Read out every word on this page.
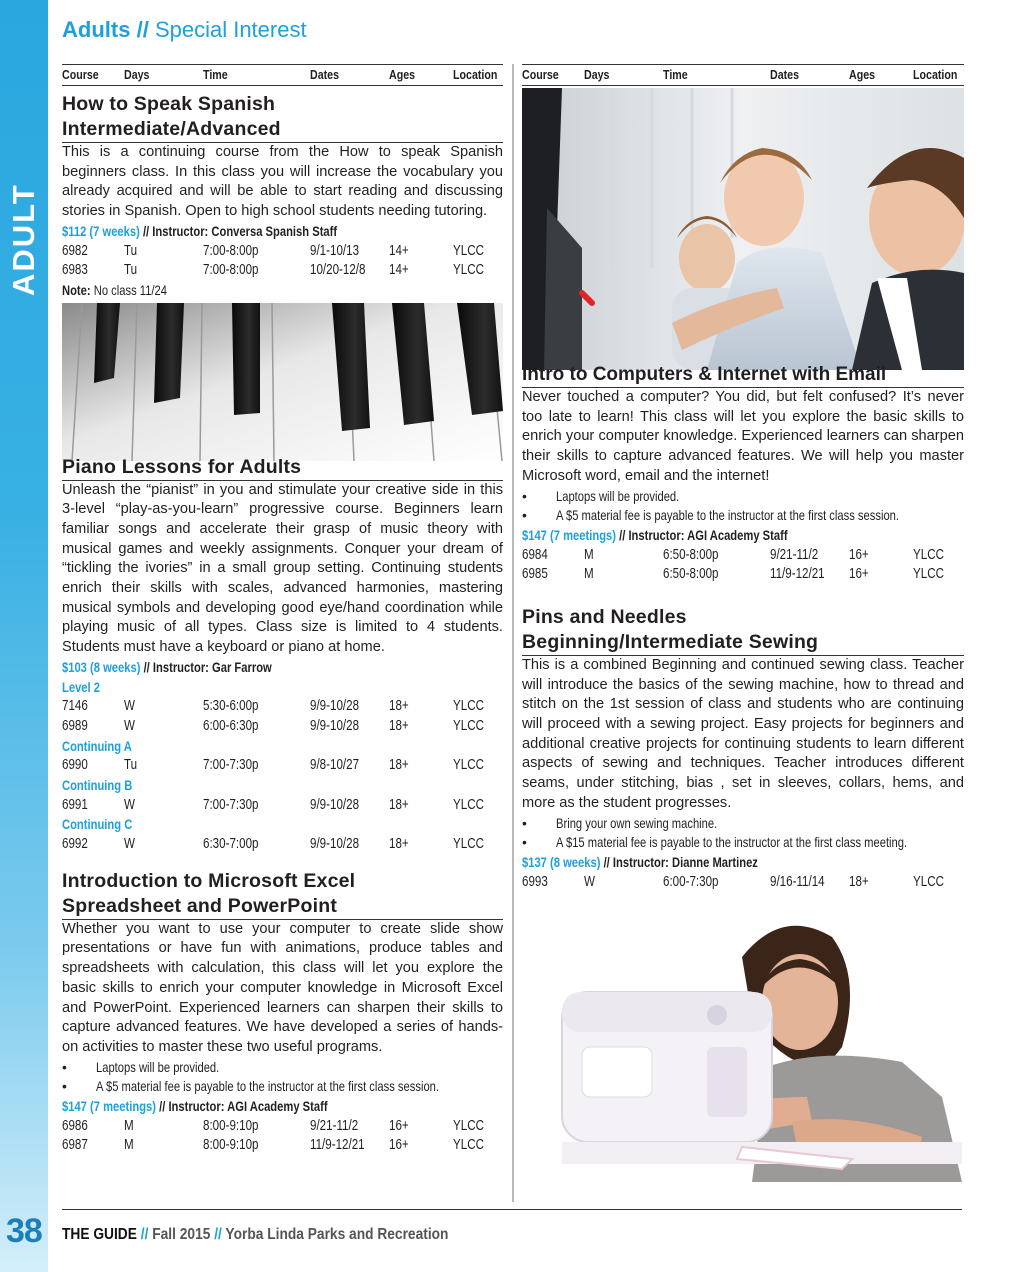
ADULT
38
Adults // Special Interest
Course Days	Time	Dates	Ages	Location
How to Speak Spanish
Intermediate/Advanced

This is a continuing course from the How to speak Spanish beginners class. In this class you will increase the vocabulary you already acquired and will be able to start reading and discussing stories in Spanish. Open to high school students needing tutoring.

$112 (7 weeks) // Instructor: Conversa Spanish Staff
6982 Tu	7:00-8:00p	9/1-10/13 14+	YLCC
6983 Tu	7:00-8:00p	10/20-12/8 14+	YLCC
Note: No class 11/24
Piano Lessons for Adults

Unleash the “pianist” in you and stimulate your creative side in this 3-level “play-as-you-learn” progressive course. Beginners learn familiar songs and accelerate their grasp of music theory with musical games and weekly assignments. Conquer your dream of “tickling the ivories” in a small group setting. Continuing students enrich their skills with scales, advanced harmonies, mastering musical symbols and developing good eye/hand coordination while playing music of all types. Class size is limited to 4 students. Students must have a keyboard or piano at home.

$103 (8 weeks) // Instructor: Gar Farrow
Level 2
7146 W	5:30-6:00p	9/9-10/28 18+	YLCC
6989 W	6:00-6:30p	9/9-10/28 18+	YLCC
Continuing A
6990 Tu	7:00-7:30p	9/8-10/27 18+	YLCC
Continuing B
6991 W	7:00-7:30p	9/9-10/28 18+	YLCC
Continuing C
6992 W	6:30-7:00p	9/9-10/28 18+	YLCC
Introduction to Microsoft Excel
Spreadsheet and PowerPoint

Whether you want to use your computer to create slide show presentations or have fun with animations, produce tables and spreadsheets with calculation, this class will let you explore the basic skills to enrich your computer knowledge in Microsoft Excel and PowerPoint. Experienced learners can sharpen their skills to capture advanced features. We have developed a series of hands-on activities to master these two useful programs.

• Laptops will be provided.
• A $5 material fee is payable to the instructor at the first class session.
$147 (7 meetings) // Instructor: AGI Academy Staff
6986 M	8:00-9:10p	9/21-11/2 16+	YLCC
6987 M	8:00-9:10p	11/9-12/21 16+	YLCC
Course Days	Time	Dates	Ages	Location
Intro to Computers & Internet with Email

Never touched a computer? You did, but felt confused? It’s never too late to learn! This class will let you explore the basic skills to enrich your computer knowledge. Experienced learners can sharpen their skills to capture advanced features. We will help you master Microsoft word, email and the internet!

• Laptops will be provided.
• A $5 material fee is payable to the instructor at the first class session.
$147 (7 meetings) // Instructor: AGI Academy Staff
6984 M	6:50-8:00p	9/21-11/2 16+	YLCC
6985 M	6:50-8:00p	11/9-12/21 16+	YLCC
Pins and Needles
Beginning/Intermediate Sewing

This is a combined Beginning and continued sewing class. Teacher will introduce the basics of the sewing machine, how to thread and stitch on the 1st session of class and students who are continuing will proceed with a sewing project. Easy projects for beginners and additional creative projects for continuing students to learn different aspects of sewing and techniques. Teacher introduces different seams, under stitching, bias , set in sleeves, collars, hems, and more as the student progresses.

• Bring your own sewing machine.
• A $15 material fee is payable to the instructor at the first class meeting.
$137 (8 weeks) // Instructor: Dianne Martinez
6993 W	6:00-7:30p	9/16-11/14 18+	YLCC
THE GUIDE // Fall 2015 // Yorba Linda Parks and Recreation
